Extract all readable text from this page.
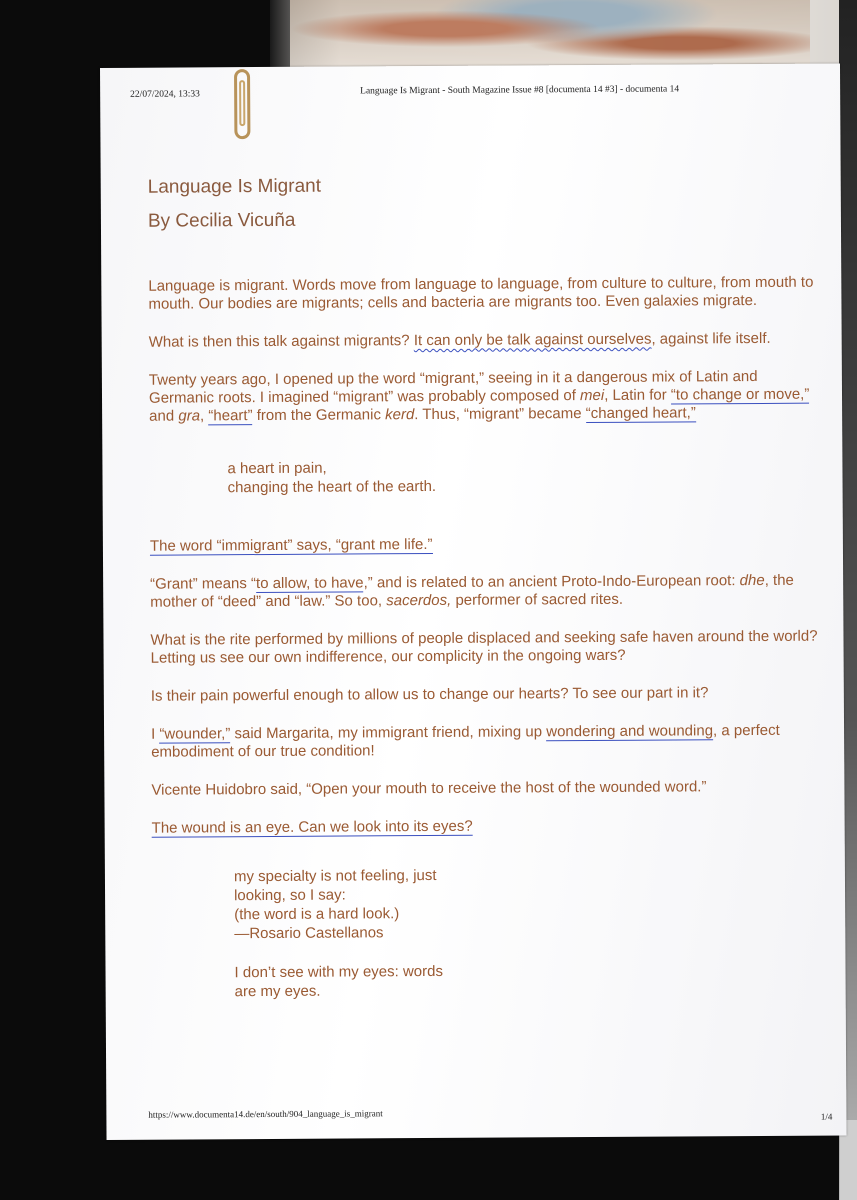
22/07/2024, 13:33	Language Is Migrant - South Magazine Issue #8 [documenta 14 #3] - documenta 14
Language Is Migrant
By Cecilia Vicuña

Language is migrant. Words move from language to language, from culture to culture, from mouth to mouth. Our bodies are migrants; cells and bacteria are migrants too. Even galaxies migrate.

What is then this talk against migrants? It can only be talk against ourselves, against life itself.

Twenty years ago, I opened up the word “migrant,” seeing in it a dangerous mix of Latin and Germanic roots. I imagined “migrant” was probably composed of mei, Latin for “to change or move,” and gra, “heart” from the Germanic kerd. Thus, “migrant” became “changed heart,”

a heart in pain,
changing the heart of the earth.

The word “immigrant” says, “grant me life.”

“Grant” means “to allow, to have,” and is related to an ancient Proto-Indo-European root: dhe, the mother of “deed” and “law.” So too, sacerdos, performer of sacred rites.

What is the rite performed by millions of people displaced and seeking safe haven around the world? Letting us see our own indifference, our complicity in the ongoing wars?

Is their pain powerful enough to allow us to change our hearts? To see our part in it?

I “wounder,” said Margarita, my immigrant friend, mixing up wondering and wounding, a perfect embodiment of our true condition!

Vicente Huidobro said, “Open your mouth to receive the host of the wounded word.”

The wound is an eye. Can we look into its eyes?

my specialty is not feeling, just
looking, so I say:
(the word is a hard look.)
—Rosario Castellanos
I don’t see with my eyes: words
are my eyes.
https://www.documenta14.de/en/south/904_language_is_migrant	1/4
